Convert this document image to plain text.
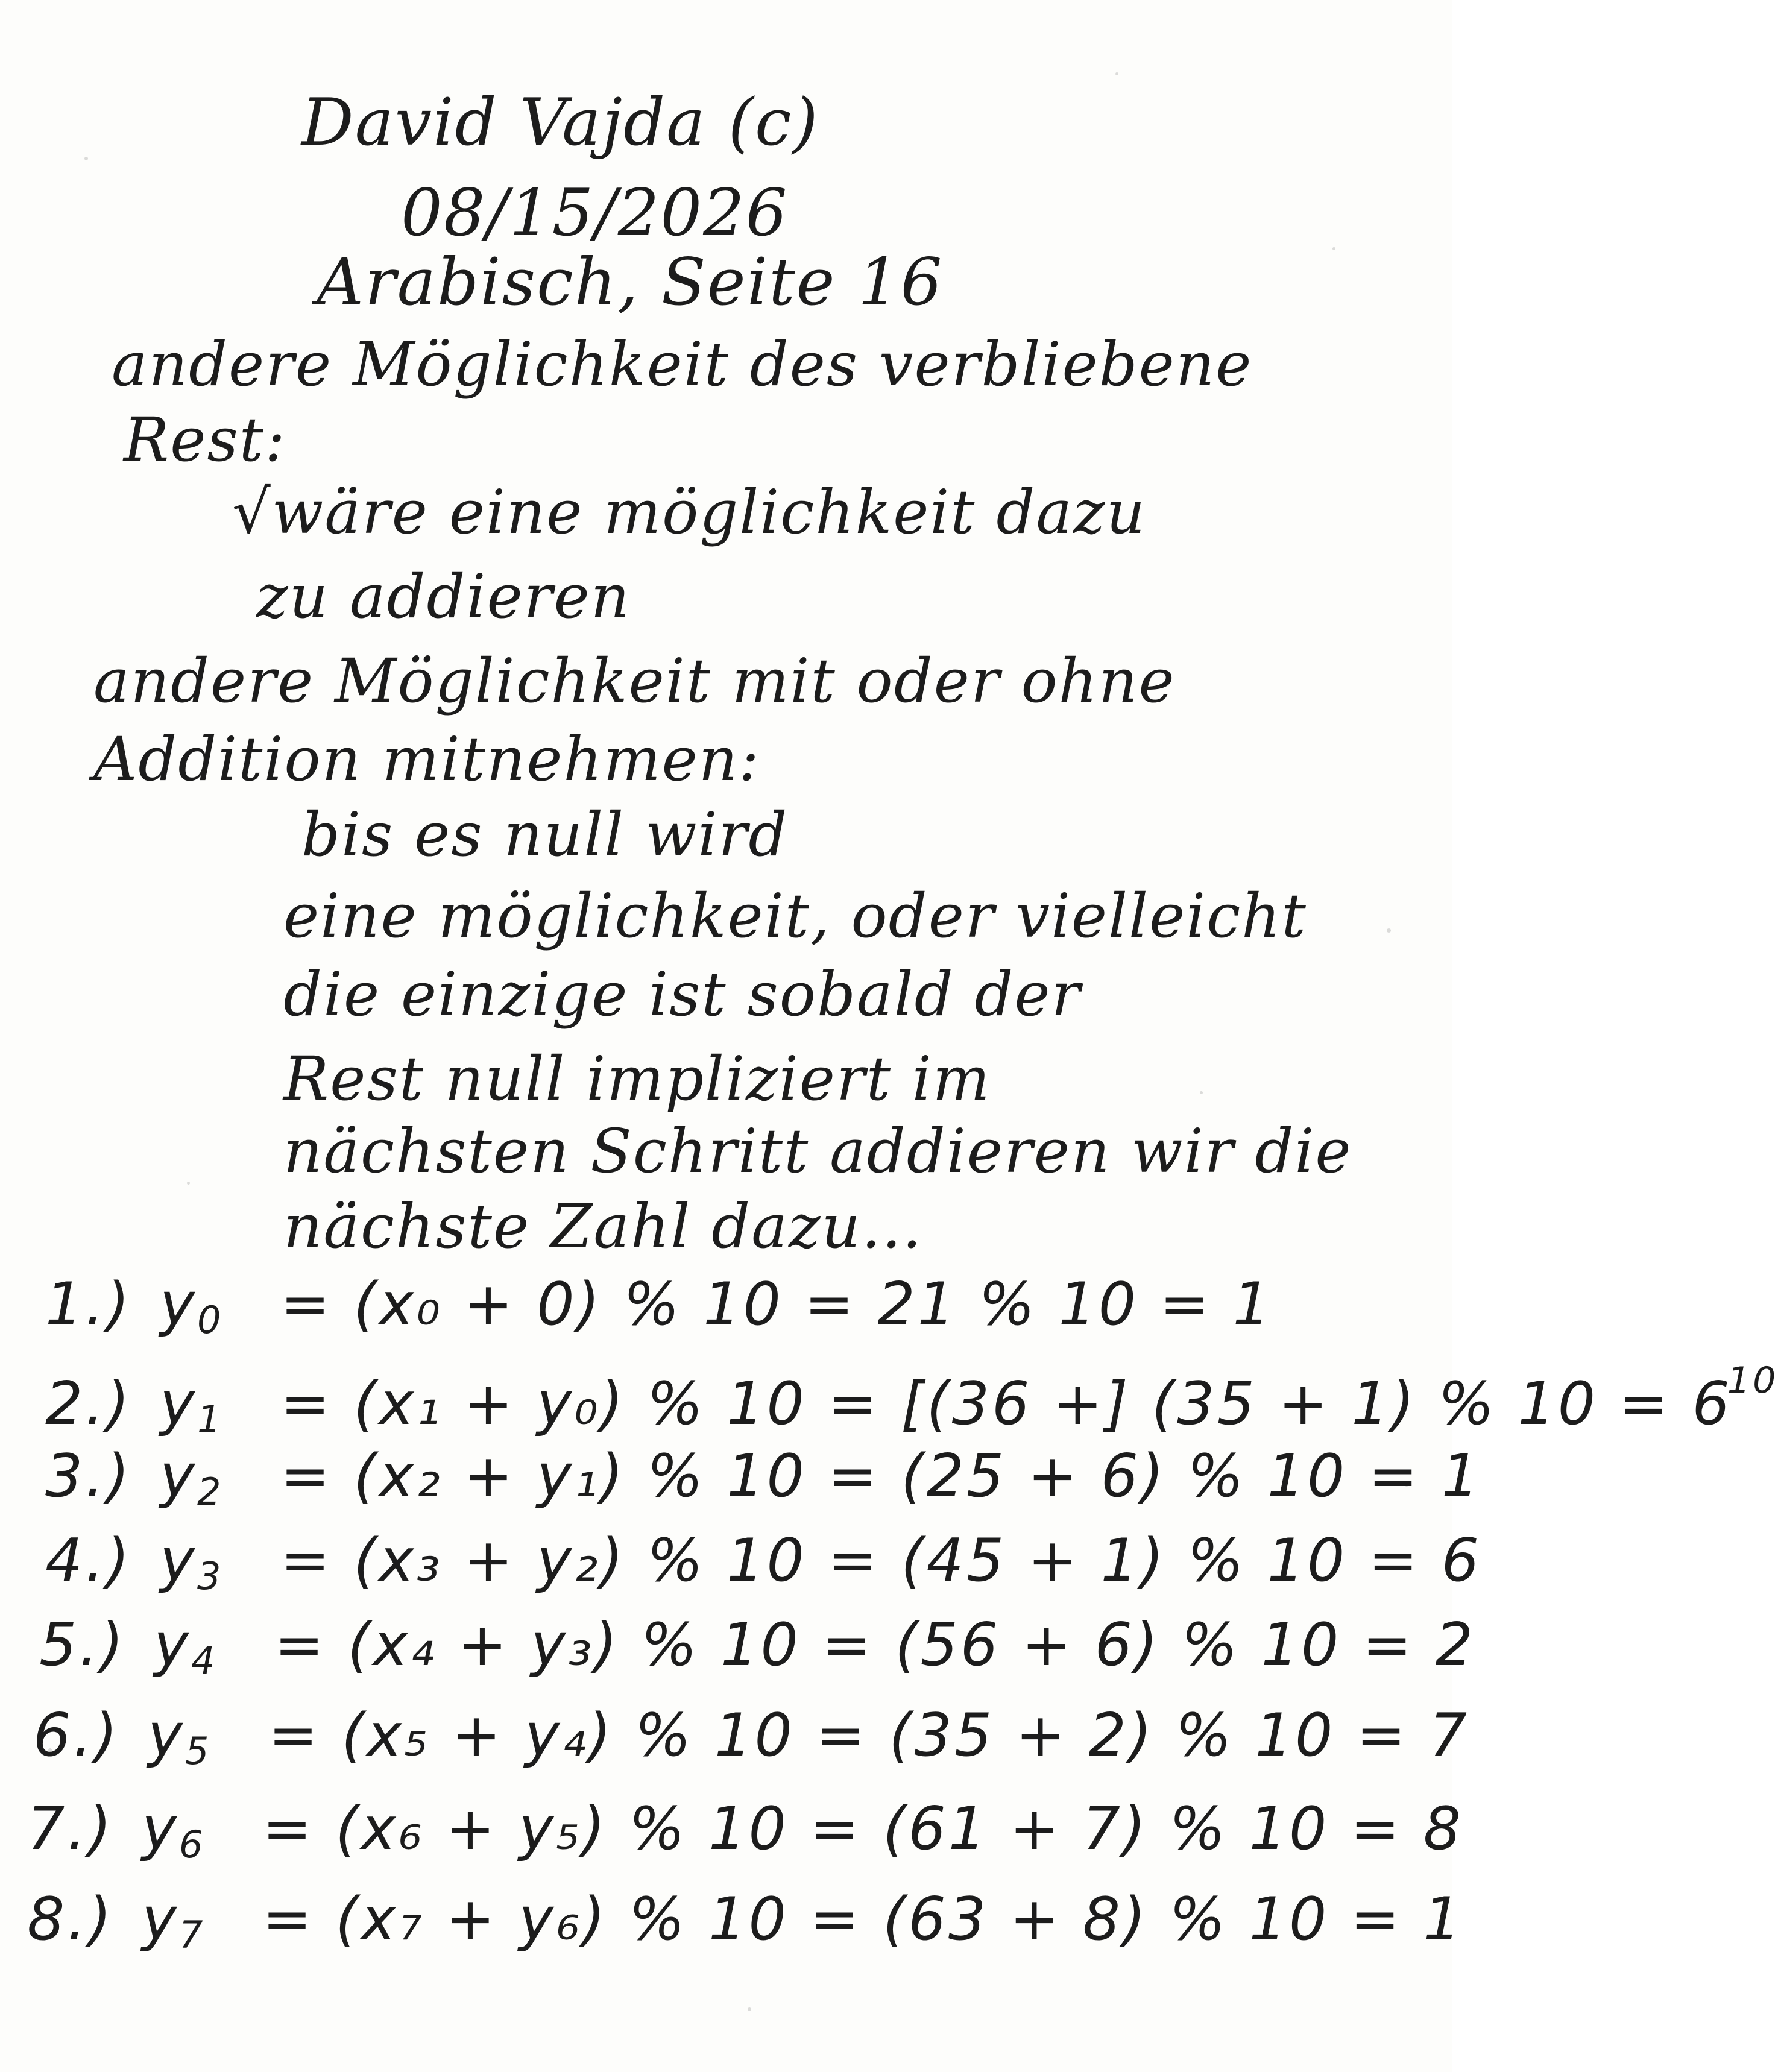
David Vajda (c)
08/15/2026
Arabisch, Seite 16
andere Möglichkeit des verbliebene
Rest:
√wäre eine möglichkeit dazu
zu addieren
andere Möglichkeit mit oder ohne
Addition mitnehmen:
bis es null wird
eine möglichkeit, oder vielleicht
die einzige ist sobald der
Rest null impliziert im
nächsten Schritt addieren wir die
nächste Zahl dazu...
1.) $y_0 = (x_0 + 0)$ % 10 = 21 % 10 = 1
2.) $y_1 = (x_1 + y_0)$ % 10 = [(36 +] (35 + 1) % $10 = 6^{10}$
3.) $y_2 = (x_2 + y_1)$ % 10 = (25 + 6) % 10 = 1
4.) $y_3 = (x_3 + y_2)$ % 10 = (45 + 1) % 10 = 6
5.) $y_4 = (x_4 + y_3)$ % 10 = (56 + 6) % 10 = 2
6.) $y_5 = (x_5 + y_4)$ % 10 = (35 + 2) % 10 = 7
7.) $y_6 = (x_6 + y_5)$ % 10 = (61 + 7) % 10 = 8
8.) $y_7 = (x_7 + y_6)$ % 10 = (63 + 8) % 10 = 1
